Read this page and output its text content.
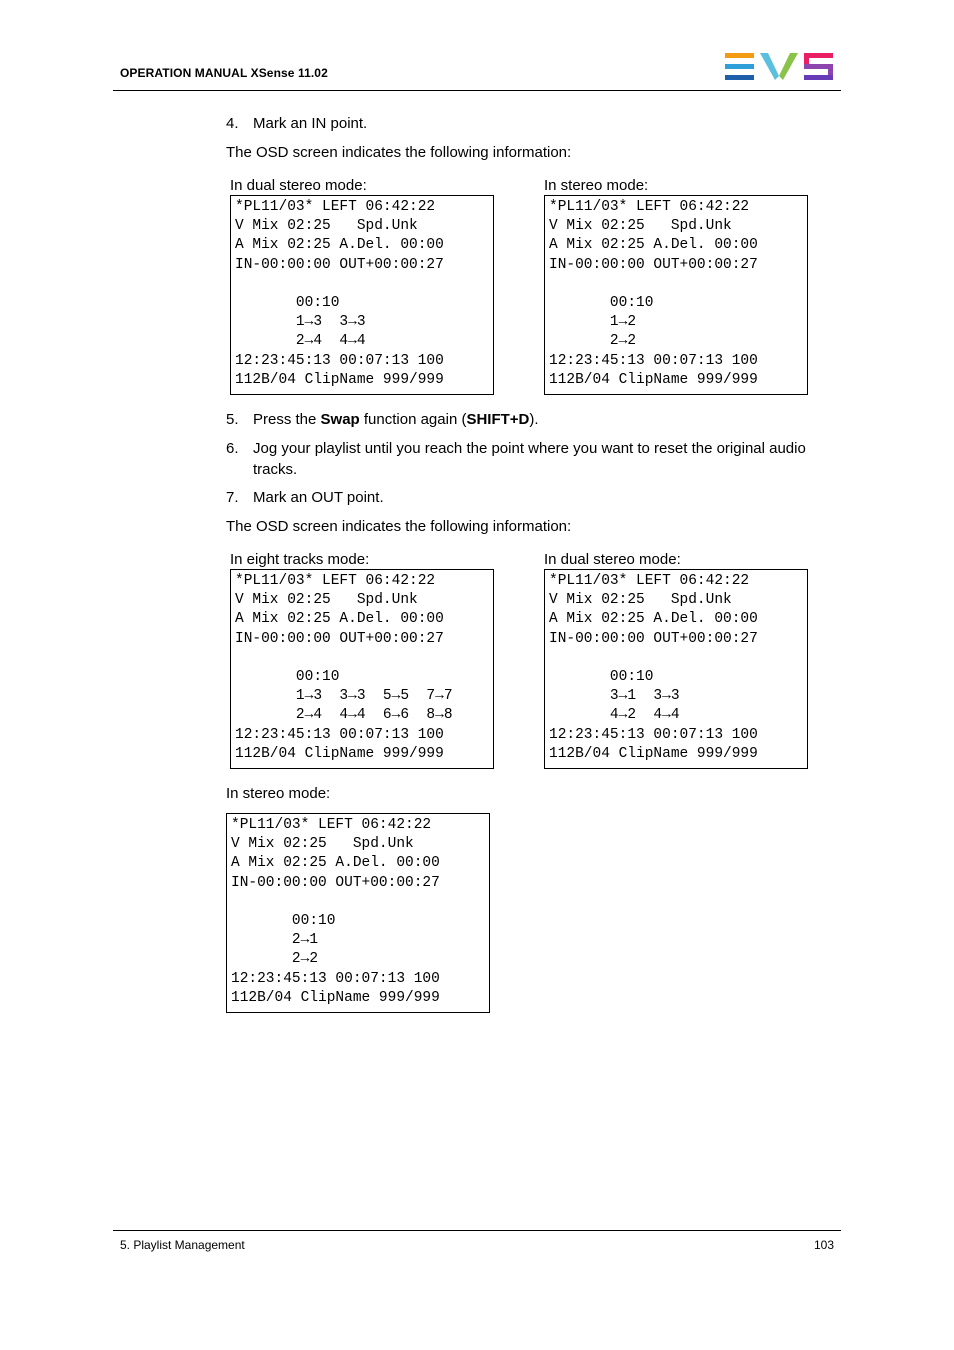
OPERATION MANUAL XSense 11.02
4. Mark an IN point.
The OSD screen indicates the following information:
In dual stereo mode:
*PL11/03* LEFT 06:42:22
V Mix 02:25   Spd.Unk
A Mix 02:25 A.Del. 00:00
IN-00:00:00 OUT+00:00:27
00:10
1→3  3→3
2→4  4→4
12:23:45:13 00:07:13 100
112B/04 ClipName 999/999
In stereo mode:
*PL11/03* LEFT 06:42:22
V Mix 02:25   Spd.Unk
A Mix 02:25 A.Del. 00:00
IN-00:00:00 OUT+00:00:27
00:10
1→2
2→2
12:23:45:13 00:07:13 100
112B/04 ClipName 999/999
5. Press the Swap function again (SHIFT+D).
6. Jog your playlist until you reach the point where you want to reset the original audio tracks.
7. Mark an OUT point.
The OSD screen indicates the following information:
In eight tracks mode:
*PL11/03* LEFT 06:42:22
V Mix 02:25   Spd.Unk
A Mix 02:25 A.Del. 00:00
IN-00:00:00 OUT+00:00:27
00:10
1→3  3→3  5→5  7→7
2→4  4→4  6→6  8→8
12:23:45:13 00:07:13 100
112B/04 ClipName 999/999
In dual stereo mode:
*PL11/03* LEFT 06:42:22
V Mix 02:25   Spd.Unk
A Mix 02:25 A.Del. 00:00
IN-00:00:00 OUT+00:00:27
00:10
3→1  3→3
4→2  4→4
12:23:45:13 00:07:13 100
112B/04 ClipName 999/999
In stereo mode:
*PL11/03* LEFT 06:42:22
V Mix 02:25   Spd.Unk
A Mix 02:25 A.Del. 00:00
IN-00:00:00 OUT+00:00:27
00:10
2→1
2→2
12:23:45:13 00:07:13 100
112B/04 ClipName 999/999
5. Playlist Management	103
